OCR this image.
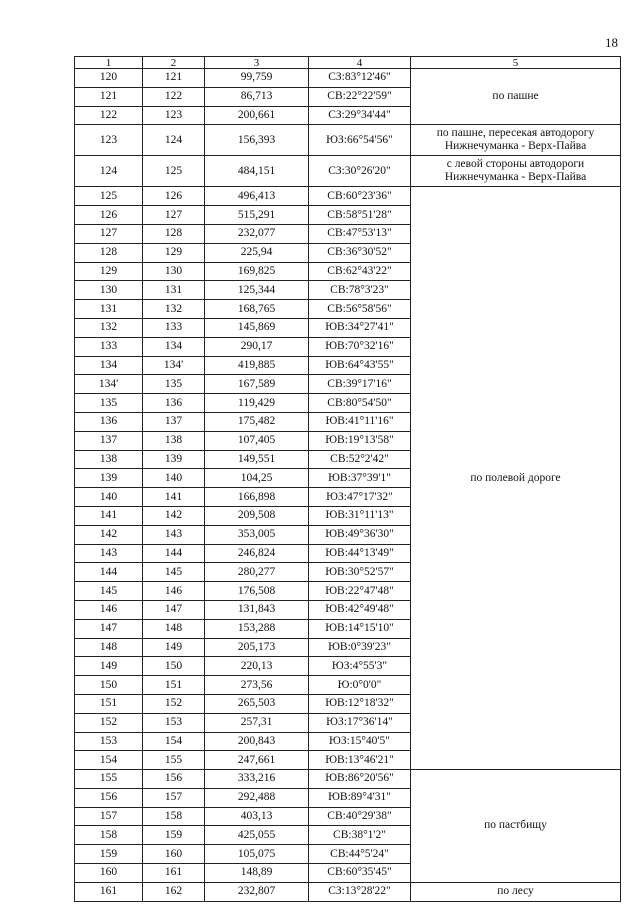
18
1	2	3	4	5
120	121	99,759	СЗ:83°12'46"	по пашне
121	122	86,713	СВ:22°22'59"	
122	123	200,661	СЗ:29°34'44"	
123	124	156,393	ЮЗ:66°54'56"	по пашне, пересекая автодорогу Нижнечуманка - Верх-Пайва
124	125	484,151	СЗ:30°26'20"	с левой стороны автодороги Нижнечуманка - Верх-Пайва
125	126	496,413	СВ:60°23'36"	по полевой дороге
126	127	515,291	СВ:58°51'28"	
127	128	232,077	СВ:47°53'13"	
128	129	225,94	СВ:36°30'52"	
129	130	169,825	СВ:62°43'22"	
130	131	125,344	СВ:78°3'23"	
131	132	168,765	СВ:56°58'56"	
132	133	145,869	ЮВ:34°27'41"	
133	134	290,17	ЮВ:70°32'16"	
134	134'	419,885	ЮВ:64°43'55"	
134'	135	167,589	СВ:39°17'16"	
135	136	119,429	СВ:80°54'50"	
136	137	175,482	ЮВ:41°11'16"	
137	138	107,405	ЮВ:19°13'58"	
138	139	149,551	СВ:52°2'42"	
139	140	104,25	ЮВ:37°39'1"	
140	141	166,898	ЮЗ:47°17'32"	
141	142	209,508	ЮВ:31°11'13"	
142	143	353,005	ЮВ:49°36'30"	
143	144	246,824	ЮВ:44°13'49"	
144	145	280,277	ЮВ:30°52'57"	
145	146	176,508	ЮВ:22°47'48"	
146	147	131,843	ЮВ:42°49'48"	
147	148	153,288	ЮВ:14°15'10"	
148	149	205,173	ЮВ:0°39'23"	
149	150	220,13	ЮЗ:4°55'3"	
150	151	273,56	Ю:0°0'0"	
151	152	265,503	ЮВ:12°18'32"	
152	153	257,31	ЮЗ:17°36'14"	
153	154	200,843	ЮЗ:15°40'5"	
154	155	247,661	ЮВ:13°46'21"	
155	156	333,216	ЮВ:86°20'56"	по пастбищу
156	157	292,488	ЮВ:89°4'31"	
157	158	403,13	СВ:40°29'38"	
158	159	425,055	СВ:38°1'2"	
159	160	105,075	СВ:44°5'24"	
160	161	148,89	СВ:60°35'45"	
161	162	232,807	СЗ:13°28'22"	по лесу
